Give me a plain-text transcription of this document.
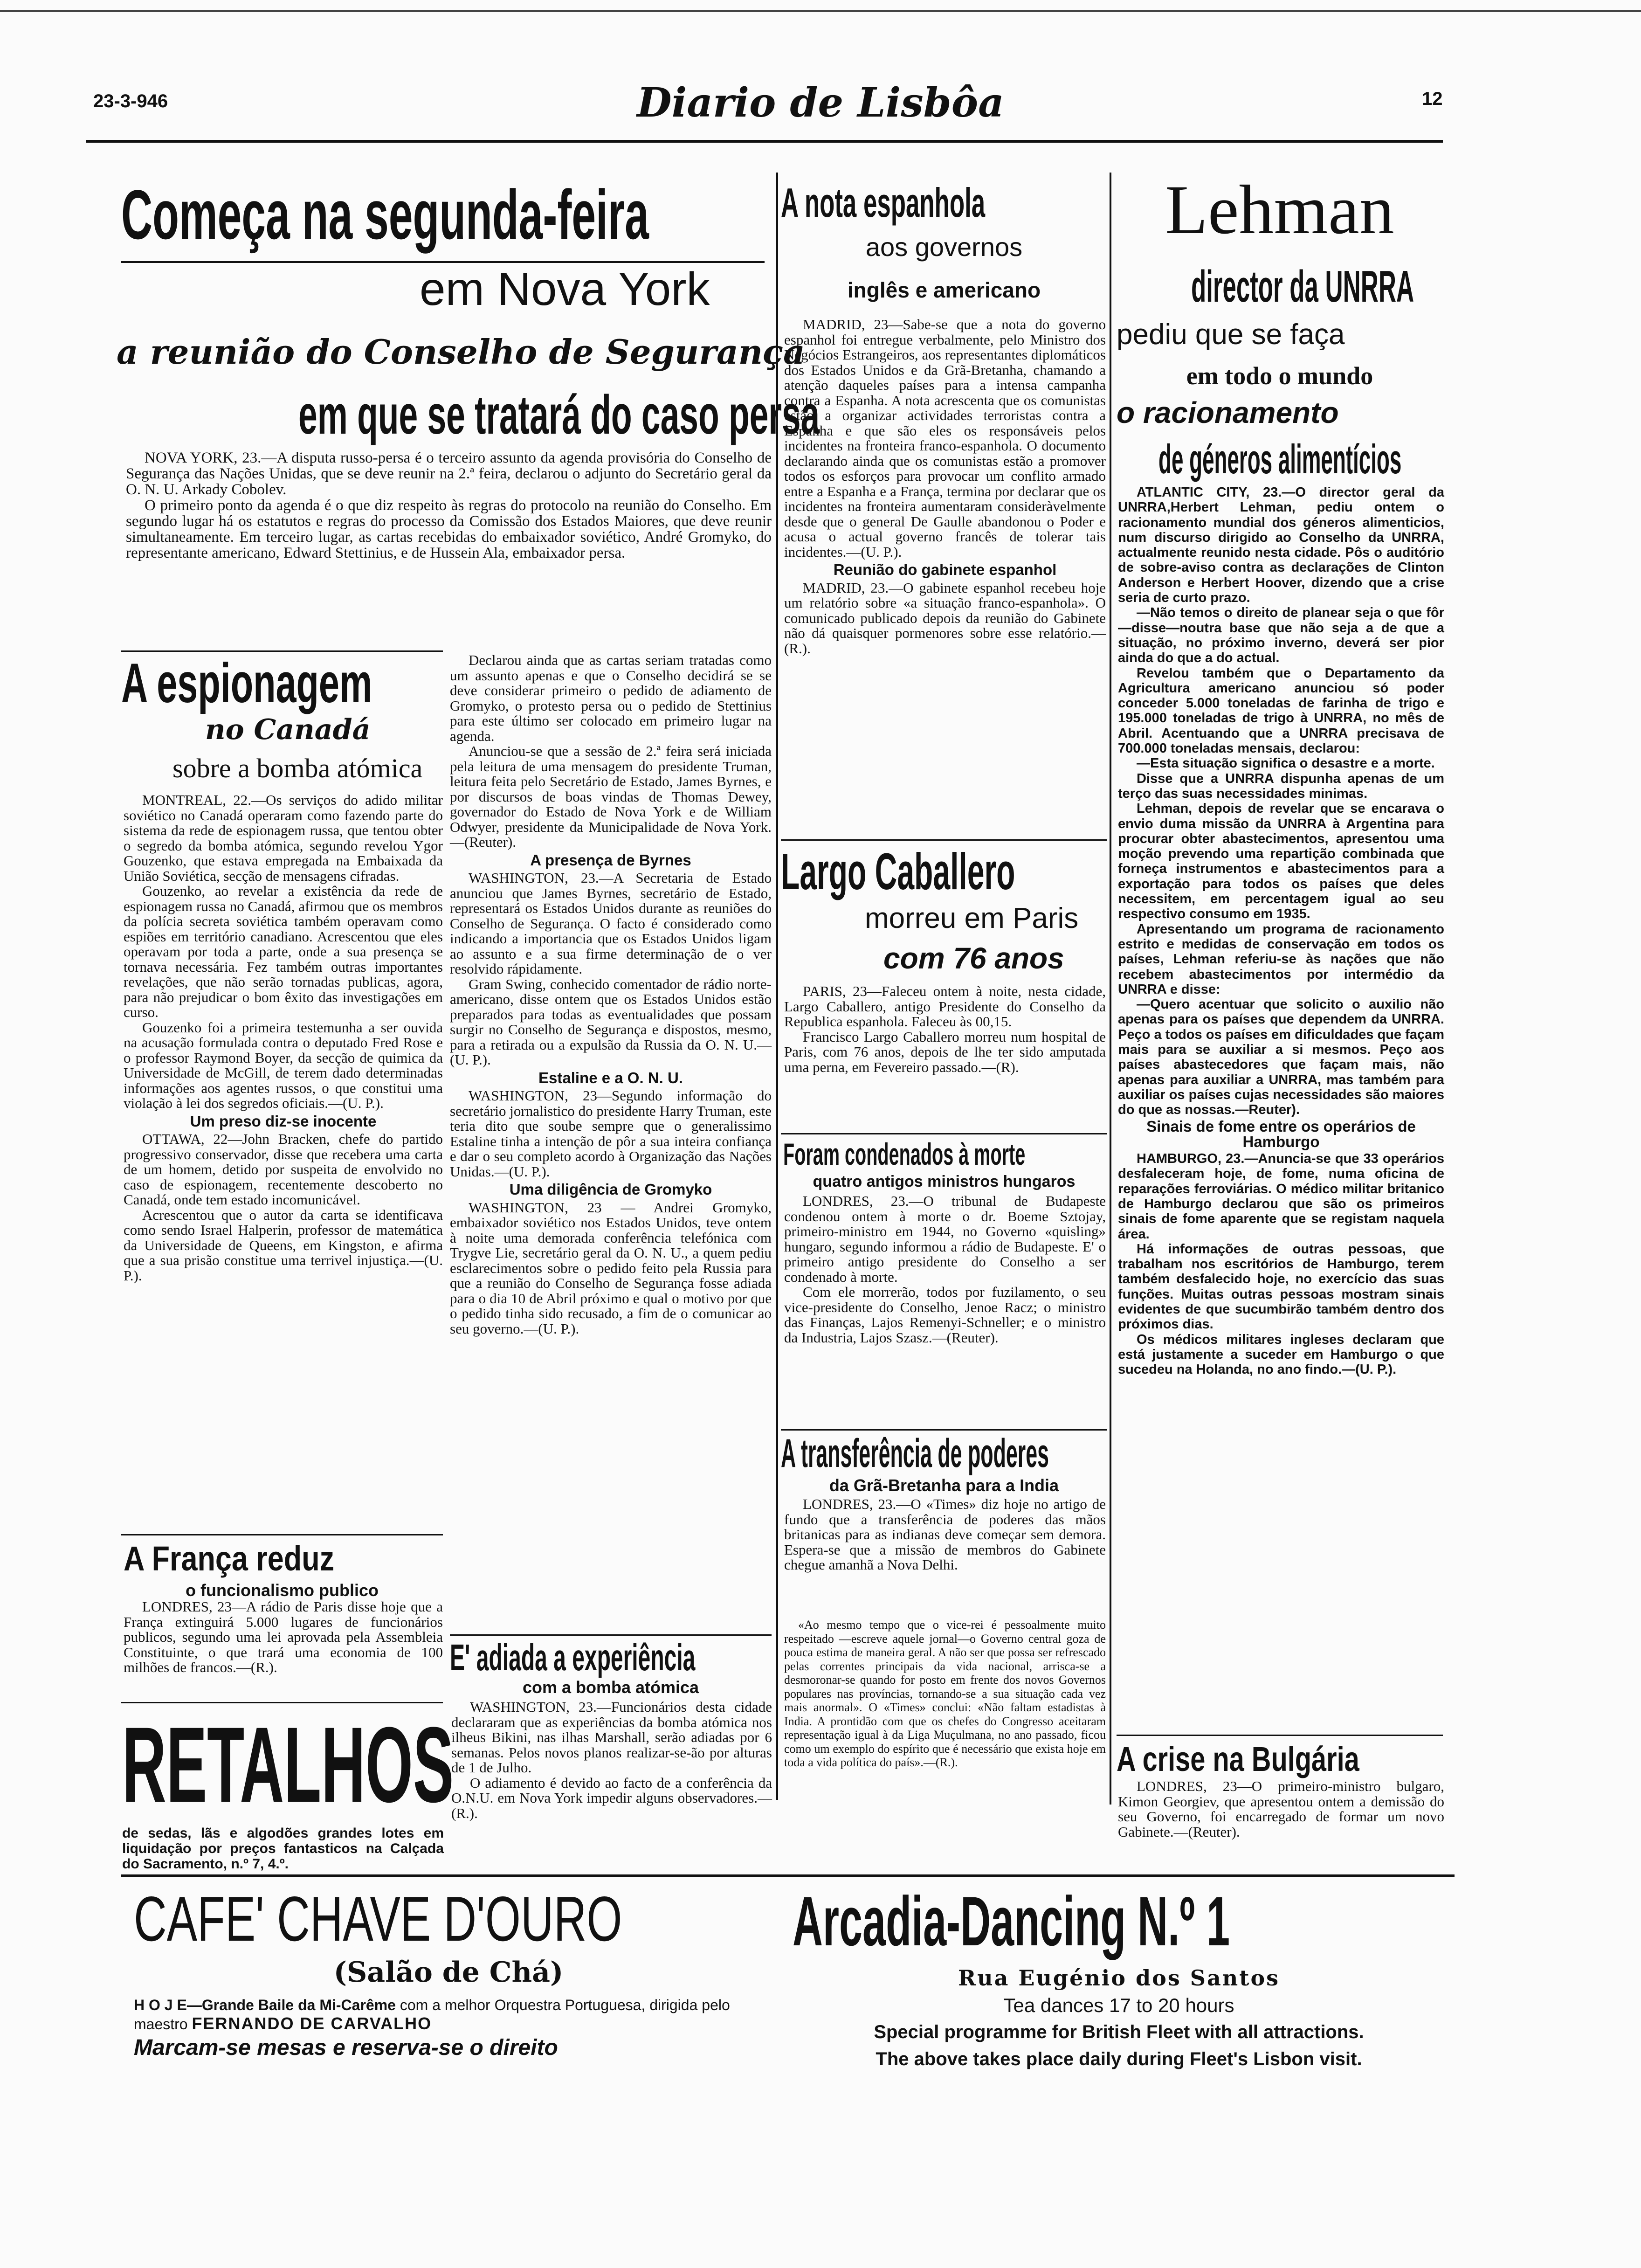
23-3-946	Diario de Lisbôa	12
Começa na segunda-feira
em Nova York
a reunião do Conselho de Segurança
em que se tratará do caso persa

NOVA YORK, 23.—A disputa russo-persa é o terceiro assunto da agenda provisória do Conselho de Segurança das Nações Unidas, que se deve reunir na 2.ª feira, declarou o adjunto do Secretário geral da O. N. U. Arkady Cobolev.

O primeiro ponto da agenda é o que diz respeito às regras do protocolo na reunião do Conselho. Em segundo lugar há os estatutos e regras do processo da Comissão dos Estados Maiores, que deve reunir simultaneamente. Em terceiro lugar, as cartas recebidas do embaixador soviético, André Gromyko, do representante americano, Edward Stettinius, e de Hussein Ala, embaixador persa.

Declarou ainda que as cartas seriam tratadas como um assunto apenas e que o Conselho decidirá se se deve considerar primeiro o pedido de adiamento de Gromyko, o protesto persa ou o pedido de Stettinius para este último ser colocado em primeiro lugar na agenda.

Anunciou-se que a sessão de 2.ª feira será iniciada pela leitura de uma mensagem do presidente Truman, leitura feita pelo Secretário de Estado, James Byrnes, e por discursos de boas vindas de Thomas Dewey, governador do Estado de Nova York e de William Odwyer, presidente da Municipalidade de Nova York.—(Reuter).

A presença de Byrnes

WASHINGTON, 23.—A Secretaria de Estado anunciou que James Byrnes, secretário de Estado, representará os Estados Unidos durante as reuniões do Conselho de Segurança. O facto é considerado como indicando a importancia que os Estados Unidos ligam ao assunto e a sua firme determinação de o ver resolvido rápidamente.

Gram Swing, conhecido comentador de rádio norte-americano, disse ontem que os Estados Unidos estão preparados para todas as eventualidades que possam surgir no Conselho de Segurança e dispostos, mesmo, para a retirada ou a expulsão da Russia da O. N. U.—(U. P.).

Estaline e a O. N. U.

WASHINGTON, 23—Segundo informação do secretário jornalistico do presidente Harry Truman, este teria dito que soube sempre que o generalissimo Estaline tinha a intenção de pôr a sua inteira confiança e dar o seu completo acordo à Organização das Nações Unidas.—(U. P.).

Uma diligência de Gromyko

WASHINGTON, 23 — Andrei Gromyko, embaixador soviético nos Estados Unidos, teve ontem à noite uma demorada conferência telefónica com Trygve Lie, secretário geral da O. N. U., a quem pediu esclarecimentos sobre o pedido feito pela Russia para que a reunião do Conselho de Segurança fosse adiada para o dia 10 de Abril próximo e qual o motivo por que o pedido tinha sido recusado, a fim de o comunicar ao seu governo.—(U. P.).

A espionagem
no Canadá
sobre a bomba atómica

MONTREAL, 22.—Os serviços do adido militar soviético no Canadá operaram como fazendo parte do sistema da rede de espionagem russa, que tentou obter o segredo da bomba atómica, segundo revelou Ygor Gouzenko, que estava empregada na Embaixada da União Soviética, secção de mensagens cifradas.

Gouzenko, ao revelar a existência da rede de espionagem russa no Canadá, afirmou que os membros da polícia secreta soviética também operavam como espiões em território canadiano. Acrescentou que eles operavam por toda a parte, onde a sua presença se tornava necessária. Fez também outras importantes revelações, que não serão tornadas publicas, agora, para não prejudicar o bom êxito das investigações em curso.

Gouzenko foi a primeira testemunha a ser ouvida na acusação formulada contra o deputado Fred Rose e o professor Raymond Boyer, da secção de quimica da Universidade de McGill, de terem dado determinadas informações aos agentes russos, o que constitui uma violação à lei dos segredos oficiais.—(U. P.).

Um preso diz-se inocente

OTTAWA, 22—John Bracken, chefe do partido progressivo conservador, disse que recebera uma carta de um homem, detido por suspeita de envolvido no caso de espionagem, recentemente descoberto no Canadá, onde tem estado incomunicável.

Acrescentou que o autor da carta se identificava como sendo Israel Halperin, professor de matemática da Universidade de Queens, em Kingston, e afirma que a sua prisão constitue uma terrivel injustiça.—(U. P.).

A França reduz
o funcionalismo publico

LONDRES, 23—A rádio de Paris disse hoje que a França extinguirá 5.000 lugares de funcionários publicos, segundo uma lei aprovada pela Assembleia Constituinte, o que trará uma economia de 100 milhões de francos.—(R.).

RETALHOS
de sedas, lãs e algodões grandes lotes em liquidação por preços fantasticos na Calçada do Sacramento, n.º 7, 4.º.
E' adiada a experiência
com a bomba atómica

WASHINGTON, 23.—Funcionários desta cidade declararam que as experiências da bomba atómica nos ilheus Bikini, nas ilhas Marshall, serão adiadas por 6 semanas. Pelos novos planos realizar-se-ão por alturas de 1 de Julho.

O adiamento é devido ao facto de a conferência da O.N.U. em Nova York impedir alguns observadores.—(R.).

A nota espanhola
aos governos
inglês e americano

MADRID, 23—Sabe-se que a nota do governo espanhol foi entregue verbalmente, pelo Ministro dos Negócios Estrangeiros, aos representantes diplomáticos dos Estados Unidos e da Grã-Bretanha, chamando a atenção daqueles países para a intensa campanha contra a Espanha. A nota acrescenta que os comunistas estão a organizar actividades terroristas contra a Espanha e que são eles os responsáveis pelos incidentes na fronteira franco-espanhola. O documento declarando ainda que os comunistas estão a promover todos os esforços para provocar um conflito armado entre a Espanha e a França, termina por declarar que os incidentes na fronteira aumentaram consideràvelmente desde que o general De Gaulle abandonou o Poder e acusa o actual governo francês de tolerar tais incidentes.—(U. P.).

Reunião do gabinete espanhol

MADRID, 23.—O gabinete espanhol recebeu hoje um relatório sobre «a situação franco-espanhola». O comunicado publicado depois da reunião do Gabinete não dá quaisquer pormenores sobre esse relatório.—(R.).

Largo Caballero
morreu em Paris
com 76 anos

PARIS, 23—Faleceu ontem à noite, nesta cidade, Largo Caballero, antigo Presidente do Conselho da Republica espanhola. Faleceu às 00,15.

Francisco Largo Caballero morreu num hospital de Paris, com 76 anos, depois de lhe ter sido amputada uma perna, em Fevereiro passado.—(R).

Foram condenados à morte
quatro antigos ministros hungaros

LONDRES, 23.—O tribunal de Budapeste condenou ontem à morte o dr. Boeme Sztojay, primeiro-ministro em 1944, no Governo «quisling» hungaro, segundo informou a rádio de Budapeste. E' o primeiro antigo presidente do Conselho a ser condenado à morte.

Com ele morrerão, todos por fuzilamento, o seu vice-presidente do Conselho, Jenoe Racz; o ministro das Finanças, Lajos Remenyi-Schneller; e o ministro da Industria, Lajos Szasz.—(Reuter).

A transferência de poderes
da Grã-Bretanha para a India

LONDRES, 23.—O «Times» diz hoje no artigo de fundo que a transferência de poderes das mãos britanicas para as indianas deve começar sem demora. Espera-se que a missão de membros do Gabinete chegue amanhã a Nova Delhi.

«Ao mesmo tempo que o vice-rei é pessoalmente muito respeitado —escreve aquele jornal—o Governo central goza de pouca estima de maneira geral. A não ser que possa ser refrescado pelas correntes principais da vida nacional, arrisca-se a desmoronar-se quando for posto em frente dos novos Governos populares nas províncias, tornando-se a sua situação cada vez mais anormal». O «Times» conclui: «Não faltam estadistas à India. A prontidão com que os chefes do Congresso aceitaram representação igual à da Liga Muçulmana, no ano passado, ficou como um exemplo do espírito que é necessário que exista hoje em toda a vida política do país».—(R.).

Lehman
director da UNRRA
pediu que se faça
em todo o mundo
o racionamento
de géneros alimentícios

ATLANTIC CITY, 23.—O director geral da UNRRA,Herbert Lehman, pediu ontem o racionamento mundial dos géneros alimenticios, num discurso dirigido ao Conselho da UNRRA, actualmente reunido nesta cidade. Pôs o auditório de sobre-aviso contra as declarações de Clinton Anderson e Herbert Hoover, dizendo que a crise seria de curto prazo.

—Não temos o direito de planear seja o que fôr—disse—noutra base que não seja a de que a situação, no próximo inverno, deverá ser pior ainda do que a do actual.

Revelou também que o Departamento da Agricultura americano anunciou só poder conceder 5.000 toneladas de farinha de trigo e 195.000 toneladas de trigo à UNRRA, no mês de Abril. Acentuando que a UNRRA precisava de 700.000 toneladas mensais, declarou:

—Esta situação significa o desastre e a morte.

Disse que a UNRRA dispunha apenas de um terço das suas necessidades minimas.

Lehman, depois de revelar que se encarava o envio duma missão da UNRRA à Argentina para procurar obter abastecimentos, apresentou uma moção prevendo uma repartição combinada que forneça instrumentos e abastecimentos para a exportação para todos os países que deles necessitem, em percentagem igual ao seu respectivo consumo em 1935.

Apresentando um programa de racionamento estrito e medidas de conservação em todos os países, Lehman referiu-se às nações que não recebem abastecimentos por intermédio da UNRRA e disse:

—Quero acentuar que solicito o auxilio não apenas para os países que dependem da UNRRA. Peço a todos os países em dificuldades que façam mais para se auxiliar a si mesmos. Peço aos países abastecedores que façam mais, não apenas para auxiliar a UNRRA, mas também para auxiliar os países cujas necessidades são maiores do que as nossas.—Reuter).

Sinais de fome entre os operários de Hamburgo

HAMBURGO, 23.—Anuncia-se que 33 operários desfaleceram hoje, de fome, numa oficina de reparações ferroviárias. O médico militar britanico de Hamburgo declarou que são os primeiros sinais de fome aparente que se registam naquela área.

Há informações de outras pessoas, que trabalham nos escritórios de Hamburgo, terem também desfalecido hoje, no exercício das suas funções. Muitas outras pessoas mostram sinais evidentes de que sucumbirão também dentro dos próximos dias.

Os médicos militares ingleses declaram que está justamente a suceder em Hamburgo o que sucedeu na Holanda, no ano findo.—(U. P.).

A crise na Bulgária

LONDRES, 23—O primeiro-ministro bulgaro, Kimon Georgiev, que apresentou ontem a demissão do seu Governo, foi encarregado de formar um novo Gabinete.—(Reuter).

CAFE' CHAVE D'OURO
(Salão de Chá)
H O J E—Grande Baile da Mi-Carême com a melhor Orquestra Portuguesa, dirigida pelo maestro FERNANDO DE CARVALHO
Marcam-se mesas e reserva-se o direito
Arcadia-Dancing N.º 1
Rua Eugénio dos Santos
Tea dances 17 to 20 hours
Special programme for British Fleet with all attractions.
The above takes place daily during Fleet's Lisbon visit.
